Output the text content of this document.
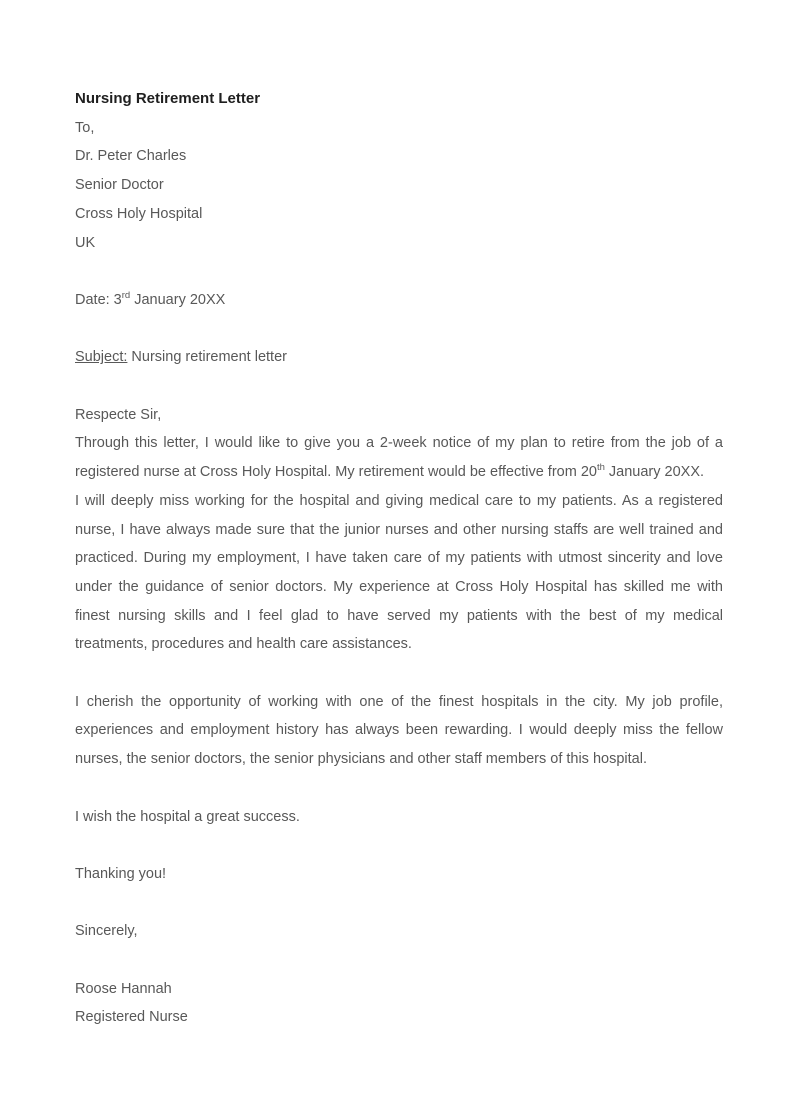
Nursing Retirement Letter

To,

Dr. Peter Charles

Senior Doctor

Cross Holy Hospital

UK

Date: 3rd January 20XX

Subject: Nursing retirement letter

Respecte Sir,

Through this letter, I would like to give you a 2-week notice of my plan to retire from the job of a registered nurse at Cross Holy Hospital. My retirement would be effective from 20th January 20XX.

I will deeply miss working for the hospital and giving medical care to my patients. As a registered nurse, I have always made sure that the junior nurses and other nursing staffs are well trained and practiced. During my employment, I have taken care of my patients with utmost sincerity and love under the guidance of senior doctors. My experience at Cross Holy Hospital has skilled me with finest nursing skills and I feel glad to have served my patients with the best of my medical treatments, procedures and health care assistances.

I cherish the opportunity of working with one of the finest hospitals in the city. My job profile, experiences and employment history has always been rewarding. I would deeply miss the fellow nurses, the senior doctors, the senior physicians and other staff members of this hospital.

I wish the hospital a great success.

Thanking you!

Sincerely,

Roose Hannah

Registered Nurse
